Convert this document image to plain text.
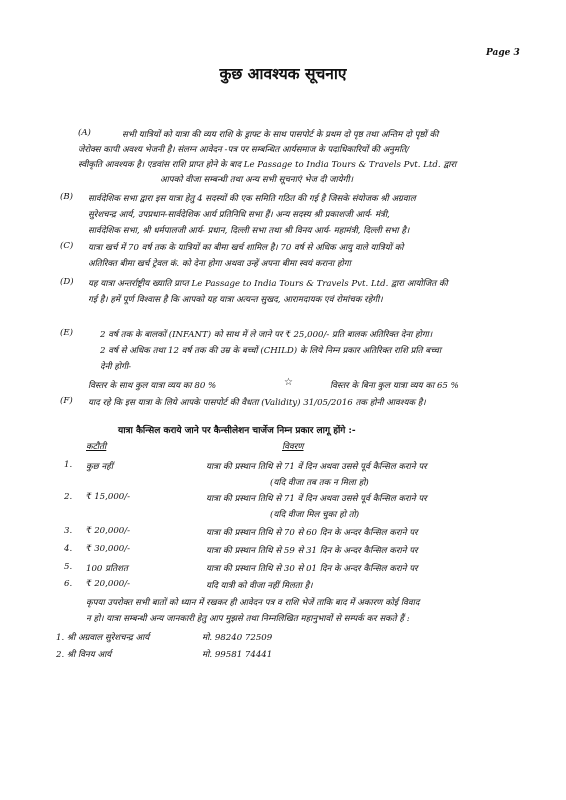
Page 3
कुछ आवश्यक सूचनाए
(A)	सभी यात्रियों को यात्रा की व्यय राशि के ड्राफ्ट के साथ पासपोर्ट के प्रथम दो पृष्ठ तथा अन्तिम दो पृष्ठों की
जेरोक्स कापी अवश्य भेजनी है। संलग्न आवेदन -पत्र पर सम्बन्धित आर्यसमाज के पदाधिकारियों की अनुमति/
स्वीकृति आवश्यक है। एडवांस राशि प्राप्त होने के बाद Le Passage to India Tours & Travels Pvt. Ltd. द्वारा
आपको वीजा सम्बन्धी तथा अन्य सभी सूचनाएं भेज दी जायेगी।
(B) सार्वदेशिक सभा द्वारा इस यात्रा हेतु 4 सदस्यों की एक समिति गठित की गई है जिसके संयोजक श्री अग्रवाल
सुरेशचन्द्र आर्य, उपप्रधान-सार्वदेशिक आर्य प्रतिनिधि सभा हैं। अन्य सदस्य श्री प्रकाशजी आर्य- मंत्री,
सार्वदेशिक सभा, श्री धर्मपालजी आर्य- प्रधान, दिल्ली सभा तथा श्री विनय आर्य- महामंत्री, दिल्ली सभा है।
(C) यात्रा खर्च में 70 वर्ष तक के यात्रियों का बीमा खर्च शामिल है। 70 वर्ष से अधिक आयु वाले यात्रियों को
अतिरिक्त बीमा खर्च ट्रेवल कं. को देना होगा अथवा उन्हें अपना बीमा स्वयं कराना होगा
(D) यह यात्रा अन्तर्राष्ट्रीय ख्याति प्राप्त Le Passage to India Tours & Travels Pvt. Ltd. द्वारा आयोजित की
गई है। हमें पूर्ण विश्वास है कि आपको यह यात्रा अत्यन्त सुखद, आरामदायक एवं रोमांचक रहेगी।
(E)	2 वर्ष तक के बालकों (INFANT) को साथ में ले जाने पर ₹ 25,000/- प्रति बालक अतिरिक्त देना होगा।
2 वर्ष से अधिक तथा 12 वर्ष तक की उम्र के बच्चों (CHILD) के लिये निम्न प्रकार अतिरिक्त राशि प्रति बच्चा
देनी होगी-
विस्तर के साथ कुल यात्रा व्यय का 80 %	☆	विस्तर के बिना कुल यात्रा व्यय का 65 %
(F) याद रहे कि इस यात्रा के लिये आपके पासपोर्ट की वैधता (Validity) 31/05/2016 तक होनी आवश्यक है।
यात्रा कैन्सिल कराये जाने पर कैन्सीलेशन चार्जेज निम्न प्रकार लागू होंगे :-
कटौती	विवरण
1. कुछ नहीं	यात्रा की प्रस्थान तिथि से 71 वें दिन अथवा उससे पूर्व कैन्सिल कराने पर
(यदि वीजा तब तक न मिला हो)
2. ₹ 15,000/-	यात्रा की प्रस्थान तिथि से 71 वें दिन अथवा उससे पूर्व कैन्सिल कराने पर
(यदि वीजा मिल चुका हो तो)
3. ₹ 20,000/-	यात्रा की प्रस्थान तिथि से 70 से 60 दिन के अन्दर कैन्सिल कराने पर
4. ₹ 30,000/-	यात्रा की प्रस्थान तिथि से 59 से 31 दिन के अन्दर कैन्सिल कराने पर
5. 100 प्रतिशत	यात्रा की प्रस्थान तिथि से 30 से 01 दिन के अन्दर कैन्सिल कराने पर
6. ₹ 20,000/-	यदि यात्री को वीजा नहीं मिलता है।
कृपया उपरोक्त सभी बातों को ध्यान में रखकर ही आवेदन पत्र व राशि भेजें ताकि बाद में अकारण कोई विवाद
न हो। यात्रा सम्बन्धी अन्य जानकारी हेतु आप मुझसे तथा निम्नलिखित महानुभावों से सम्पर्क कर सकते हैं :
1. श्री अग्रवाल सुरेशचन्द्र आर्य	मो. 98240 72509
2. श्री विनय आर्य	मो. 99581 74441
